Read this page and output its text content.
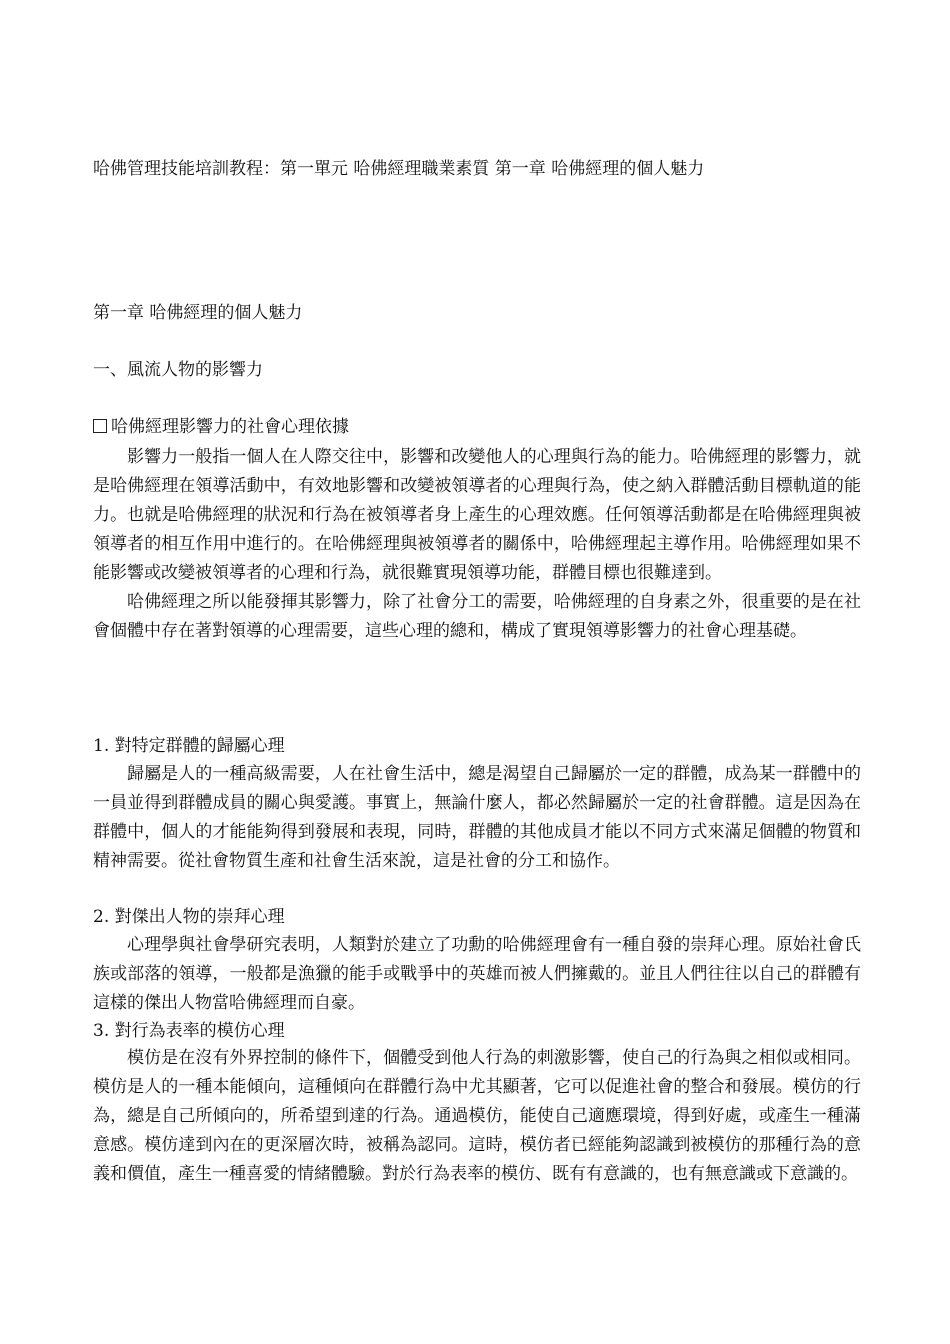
哈佛管理技能培訓教程：第一單元 哈佛經理職業素質 第一章 哈佛經理的個人魅力
第一章 哈佛經理的個人魅力
一、風流人物的影響力
哈佛經理影響力的社會心理依據

影響力一般指一個人在人際交往中，影響和改變他人的心理與行為的能力。哈佛經理的影響力，就是哈佛經理在領導活動中，有效地影響和改變被領導者的心理與行為，使之納入群體活動目標軌道的能力。也就是哈佛經理的狀況和行為在被領導者身上產生的心理效應。任何領導活動都是在哈佛經理與被領導者的相互作用中進行的。在哈佛經理與被領導者的關係中，哈佛經理起主導作用。哈佛經理如果不能影響或改變被領導者的心理和行為，就很難實現領導功能，群體目標也很難達到。

哈佛經理之所以能發揮其影響力，除了社會分工的需要，哈佛經理的自身素之外，很重要的是在社會個體中存在著對領導的心理需要，這些心理的總和，構成了實現領導影響力的社會心理基礎。

1. 對特定群體的歸屬心理

歸屬是人的一種高級需要，人在社會生活中，總是渴望自己歸屬於一定的群體，成為某一群體中的一員並得到群體成員的關心與愛護。事實上，無論什麼人，都必然歸屬於一定的社會群體。這是因為在群體中，個人的才能能夠得到發展和表現，同時，群體的其他成員才能以不同方式來滿足個體的物質和精神需要。從社會物質生產和社會生活來說，這是社會的分工和協作。

2. 對傑出人物的崇拜心理

心理學與社會學研究表明，人類對於建立了功勳的哈佛經理會有一種自發的崇拜心理。原始社會氏族或部落的領導，一般都是漁獵的能手或戰爭中的英雄而被人們擁戴的。並且人們往往以自己的群體有這樣的傑出人物當哈佛經理而自豪。

3. 對行為表率的模仿心理

模仿是在沒有外界控制的條件下，個體受到他人行為的刺激影響，使自己的行為與之相似或相同。模仿是人的一種本能傾向，這種傾向在群體行為中尤其顯著，它可以促進社會的整合和發展。模仿的行為，總是自己所傾向的，所希望到達的行為。通過模仿，能使自己適應環境，得到好處，或產生一種滿意感。模仿達到內在的更深層次時，被稱為認同。這時，模仿者已經能夠認識到被模仿的那種行為的意義和價值，產生一種喜愛的情緒體驗。對於行為表率的模仿、既有有意識的，也有無意識或下意識的。
